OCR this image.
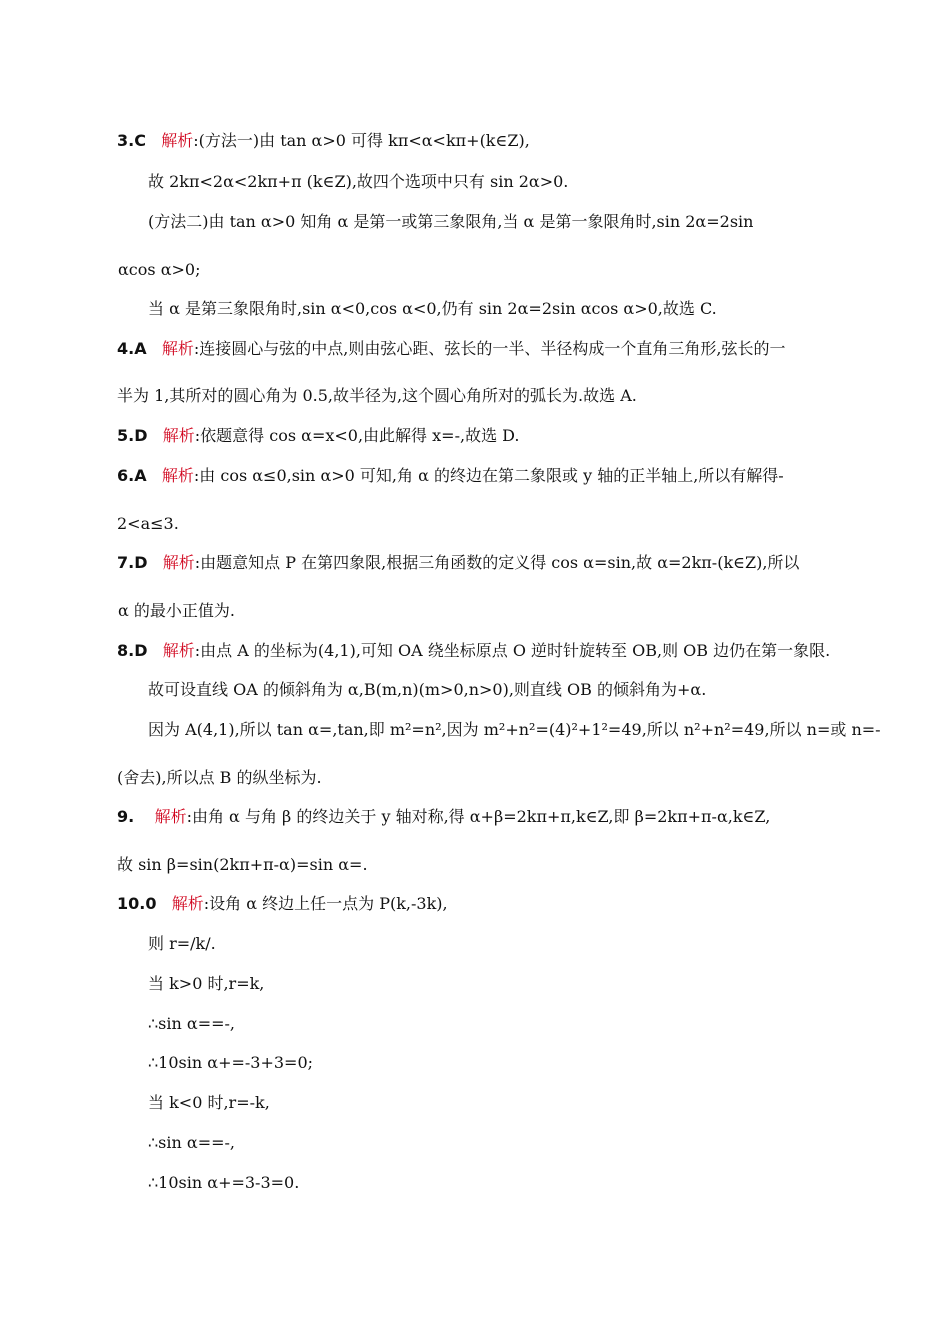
3.C 解析:(方法一)由 tan α>0 可得 kπ<α<kπ+(k∈Z),
故 2kπ<2α<2kπ+π (k∈Z),故四个选项中只有 sin 2α>0.
(方法二)由 tan α>0 知角 α 是第一或第三象限角,当 α 是第一象限角时,sin 2α=2sin
αcos α>0;
当 α 是第三象限角时,sin α<0,cos α<0,仍有 sin 2α=2sin αcos α>0,故选 C.
4.A 解析:连接圆心与弦的中点,则由弦心距、弦长的一半、半径构成一个直角三角形,弦长的一
半为 1,其所对的圆心角为 0.5,故半径为,这个圆心角所对的弧长为.故选 A.
5.D 解析:依题意得 cos α=x<0,由此解得 x=-,故选 D.
6.A 解析:由 cos α≤0,sin α>0 可知,角 α 的终边在第二象限或 y 轴的正半轴上,所以有解得-
2<a≤3.
7.D 解析:由题意知点 P 在第四象限,根据三角函数的定义得 cos α=sin,故 α=2kπ-(k∈Z),所以
α 的最小正值为.
8.D 解析:由点 A 的坐标为(4,1),可知 OA 绕坐标原点 O 逆时针旋转至 OB,则 OB 边仍在第一象限.
故可设直线 OA 的倾斜角为 α,B(m,n)(m>0,n>0),则直线 OB 的倾斜角为+α.
因为 A(4,1),所以 tan α=,tan,即 m²=n²,因为 m²+n²=(4)²+1²=49,所以 n²+n²=49,所以 n=或 n=-
(舍去),所以点 B 的纵坐标为.
9. 解析:由角 α 与角 β 的终边关于 y 轴对称,得 α+β=2kπ+π,k∈Z,即 β=2kπ+π-α,k∈Z,
故 sin β=sin(2kπ+π-α)=sin α=.
10.0 解析:设角 α 终边上任一点为 P(k,-3k),
则 r=/k/.
当 k>0 时,r=k,
∴sin α==-,
∴10sin α+=-3+3=0;
当 k<0 时,r=-k,
∴sin α==-,
∴10sin α+=3-3=0.
